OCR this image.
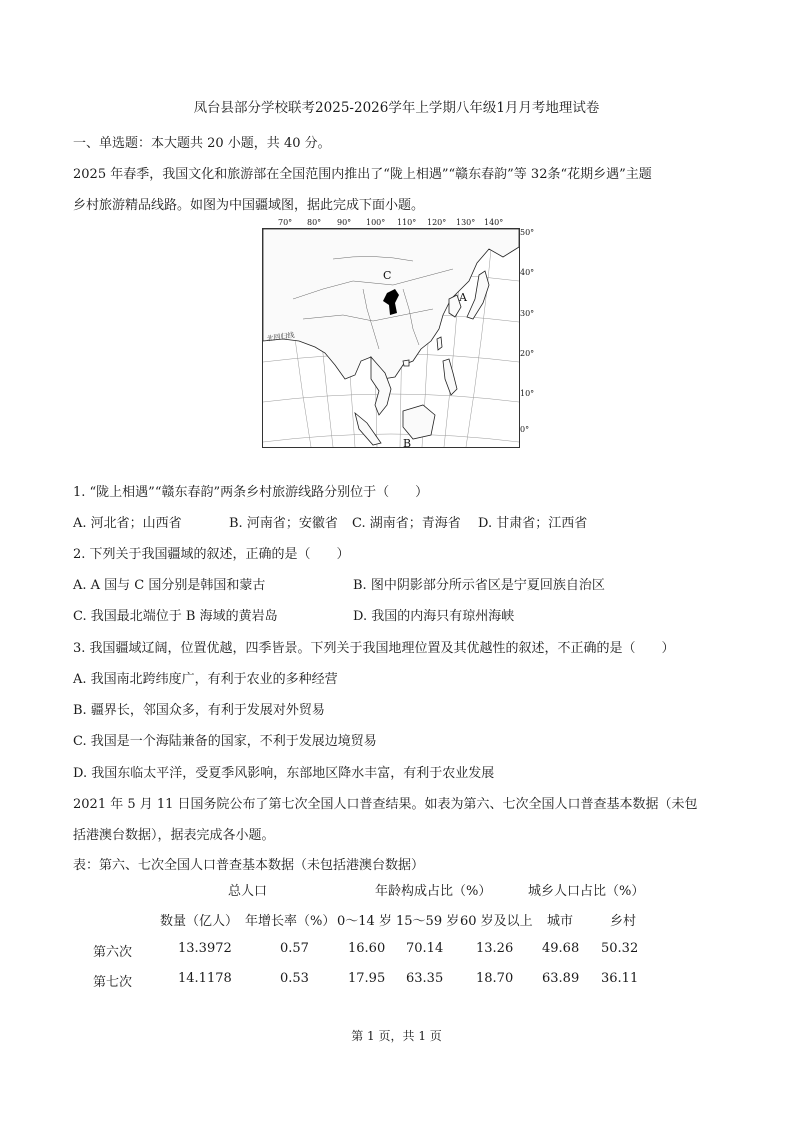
凤台县部分学校联考2025-2026学年上学期八年级1月月考地理试卷
一、单选题：本大题共 20 小题，共 40 分。
2025 年春季，我国文化和旅游部在全国范围内推出了“陇上相遇”“赣东春韵”等 32条“花期乡遇”主题
乡村旅游精品线路。如图为中国疆域图，据此完成下面小题。
70° 80° 90° 100° 110° 120° 130° 140°
50°
40°
30°
20°
10°
0°
北回归线
C
A
B
1. “陇上相遇”“赣东春韵”两条乡村旅游线路分别位于（　　）
A. 河北省；山西省	B. 河南省；安徽省 C. 湖南省；青海省 D. 甘肃省；江西省
2. 下列关于我国疆域的叙述，正确的是（　　）
A. A 国与 C 国分别是韩国和蒙古	B. 图中阴影部分所示省区是宁夏回族自治区
C. 我国最北端位于 B 海域的黄岩岛	D. 我国的内海只有琼州海峡
3. 我国疆域辽阔，位置优越，四季皆景。下列关于我国地理位置及其优越性的叙述，不正确的是（　　）
A. 我国南北跨纬度广，有利于农业的多种经营
B. 疆界长，邻国众多，有利于发展对外贸易
C. 我国是一个海陆兼备的国家，不利于发展边境贸易
D. 我国东临太平洋，受夏季风影响，东部地区降水丰富，有利于农业发展
2021 年 5 月 11 日国务院公布了第七次全国人口普查结果。如表为第六、七次全国人口普查基本数据（未包
括港澳台数据），据表完成各小题。
表：第六、七次全国人口普查基本数据（未包括港澳台数据）
总人口	年龄构成占比（%）	城乡人口占比（%）
数量（亿人） 年增长率（%） 0～14 岁 15～59 岁 60 岁及以上 城市	乡村
第六次	13.3972	0.57	16.60 70.14	13.26 49.68 50.32
第七次	14.1178	0.53	17.95 63.35	18.70 63.89 36.11
第 1 页，共 1 页
